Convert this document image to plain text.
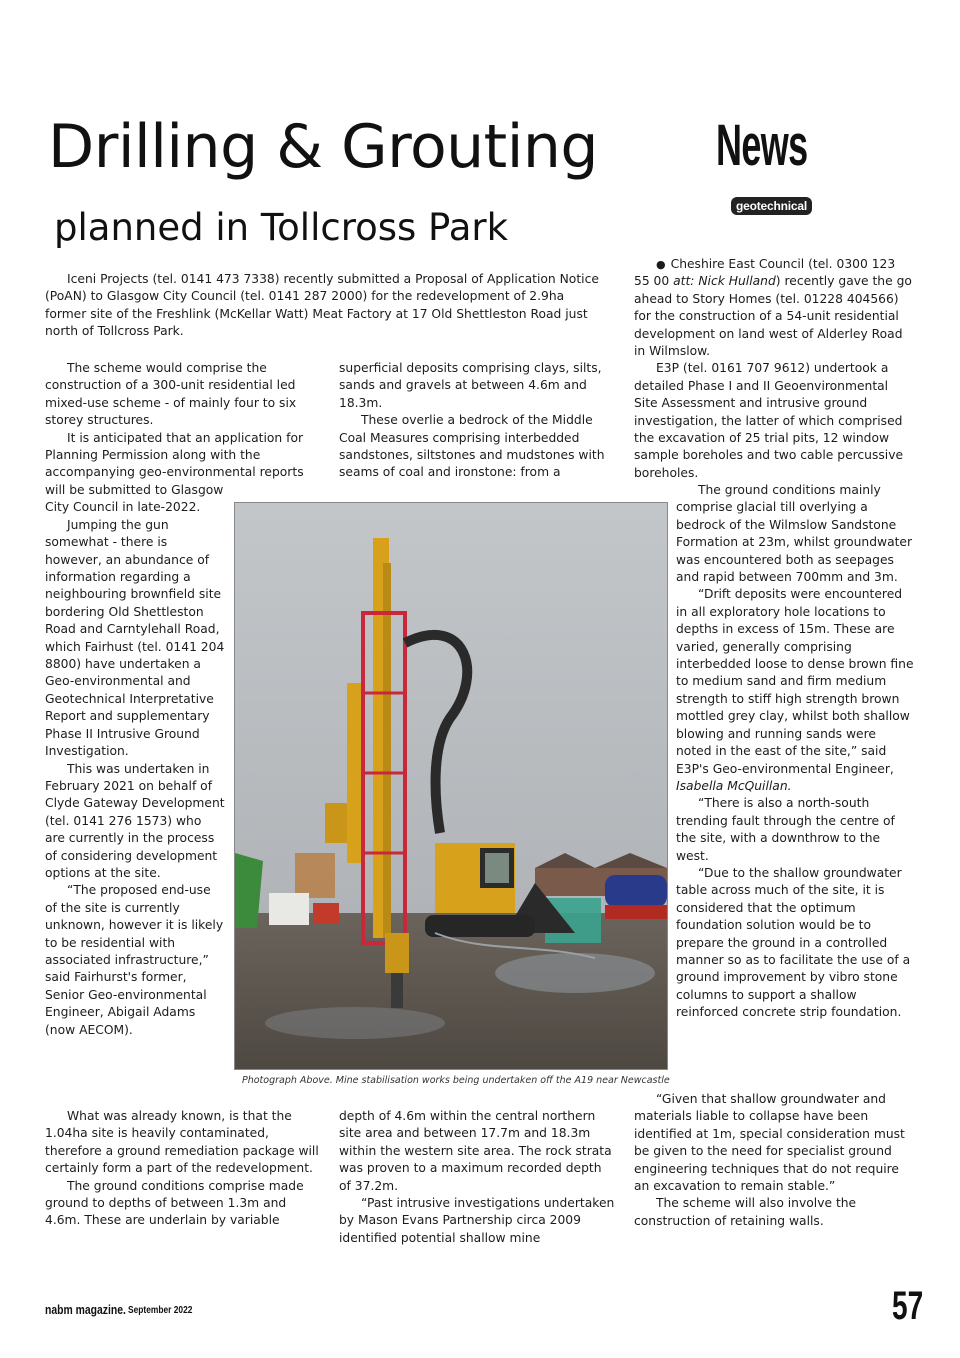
Drilling & Grouting
planned in Tollcross Park
News
geotechnical

Iceni Projects (tel. 0141 473 7338) recently submitted a Proposal of Application Notice (PoAN) to Glasgow City Council (tel. 0141 287 2000) for the redevelopment of 2.9ha former site of the Freshlink (McKellar Watt) Meat Factory at 17 Old Shettleston Road just north of Tollcross Park.

The scheme would comprise the construction of a 300-unit residential led mixed-use scheme - of mainly four to six storey structures.

It is anticipated that an application for Planning Permission along with the accompanying geo-environmental reports

will be submitted to Glasgow City Council in late-2022.

Jumping the gun somewhat - there is however, an abundance of information regarding a neighbouring brownfield site bordering Old Shettleston Road and Carntylehall Road, which Fairhust (tel. 0141 204 8800) have undertaken a Geo-environmental and Geotechnical Interpretative Report and supplementary Phase II Intrusive Ground Investigation.

This was undertaken in February 2021 on behalf of Clyde Gateway Development (tel. 0141 276 1573) who are currently in the process of considering development options at the site.

“The proposed end-use of the site is currently unknown, however it is likely to be residential with associated infrastructure,” said Fairhurst's former, Senior Geo-environmental Engineer, Abigail Adams (now AECOM).

What was already known, is that the 1.04ha site is heavily contaminated, therefore a ground remediation package will certainly form a part of the redevelopment.

The ground conditions comprise made ground to depths of between 1.3m and 4.6m. These are underlain by variable

superficial deposits comprising clays, silts, sands and gravels at between 4.6m and 18.3m.

These overlie a bedrock of the Middle Coal Measures comprising interbedded sandstones, siltstones and mudstones with seams of coal and ironstone: from a

depth of 4.6m within the central northern site area and between 17.7m and 18.3m within the western site area. The rock strata was proven to a maximum recorded depth of 37.2m.

“Past intrusive investigations undertaken by Mason Evans Partnership circa 2009 identified potential shallow mine

● Cheshire East Council (tel. 0300 123 55 00 att: Nick Hulland) recently gave the go ahead to Story Homes (tel. 01228 404566) for the construction of a 54-unit residential development on land west of Alderley Road in Wilmslow.

E3P (tel. 0161 707 9612) undertook a detailed Phase I and II Geoenvironmental Site Assessment and intrusive ground investigation, the latter of which comprised the excavation of 25 trial pits, 12 window sample boreholes and two cable percussive boreholes.

The ground conditions mainly comprise glacial till overlying a bedrock of the Wilmslow Sandstone Formation at 23m, whilst groundwater was encountered both as seepages and rapid between 700mm and 3m.

“Drift deposits were encountered in all exploratory hole locations to depths in excess of 15m. These are varied, generally comprising interbedded loose to dense brown fine to medium sand and firm medium strength to stiff high strength brown mottled grey clay, whilst both shallow blowing and running sands were noted in the east of the site,” said E3P's Geo-environmental Engineer, Isabella McQuillan.

“There is also a north-south trending fault through the centre of the site, with a downthrow to the west.

“Due to the shallow groundwater table across much of the site, it is considered that the optimum foundation solution would be to prepare the ground in a controlled manner so as to facilitate the use of a ground improvement by vibro stone columns to support a shallow reinforced concrete strip foundation.

“Given that shallow groundwater and materials liable to collapse have been identified at 1m, special consideration must be given to the need for specialist ground engineering techniques that do not require an excavation to remain stable.”

The scheme will also involve the construction of retaining walls.

Photograph Above. Mine stabilisation works being undertaken off the A19 near Newcastle
nabm magazine. September 2022	57
